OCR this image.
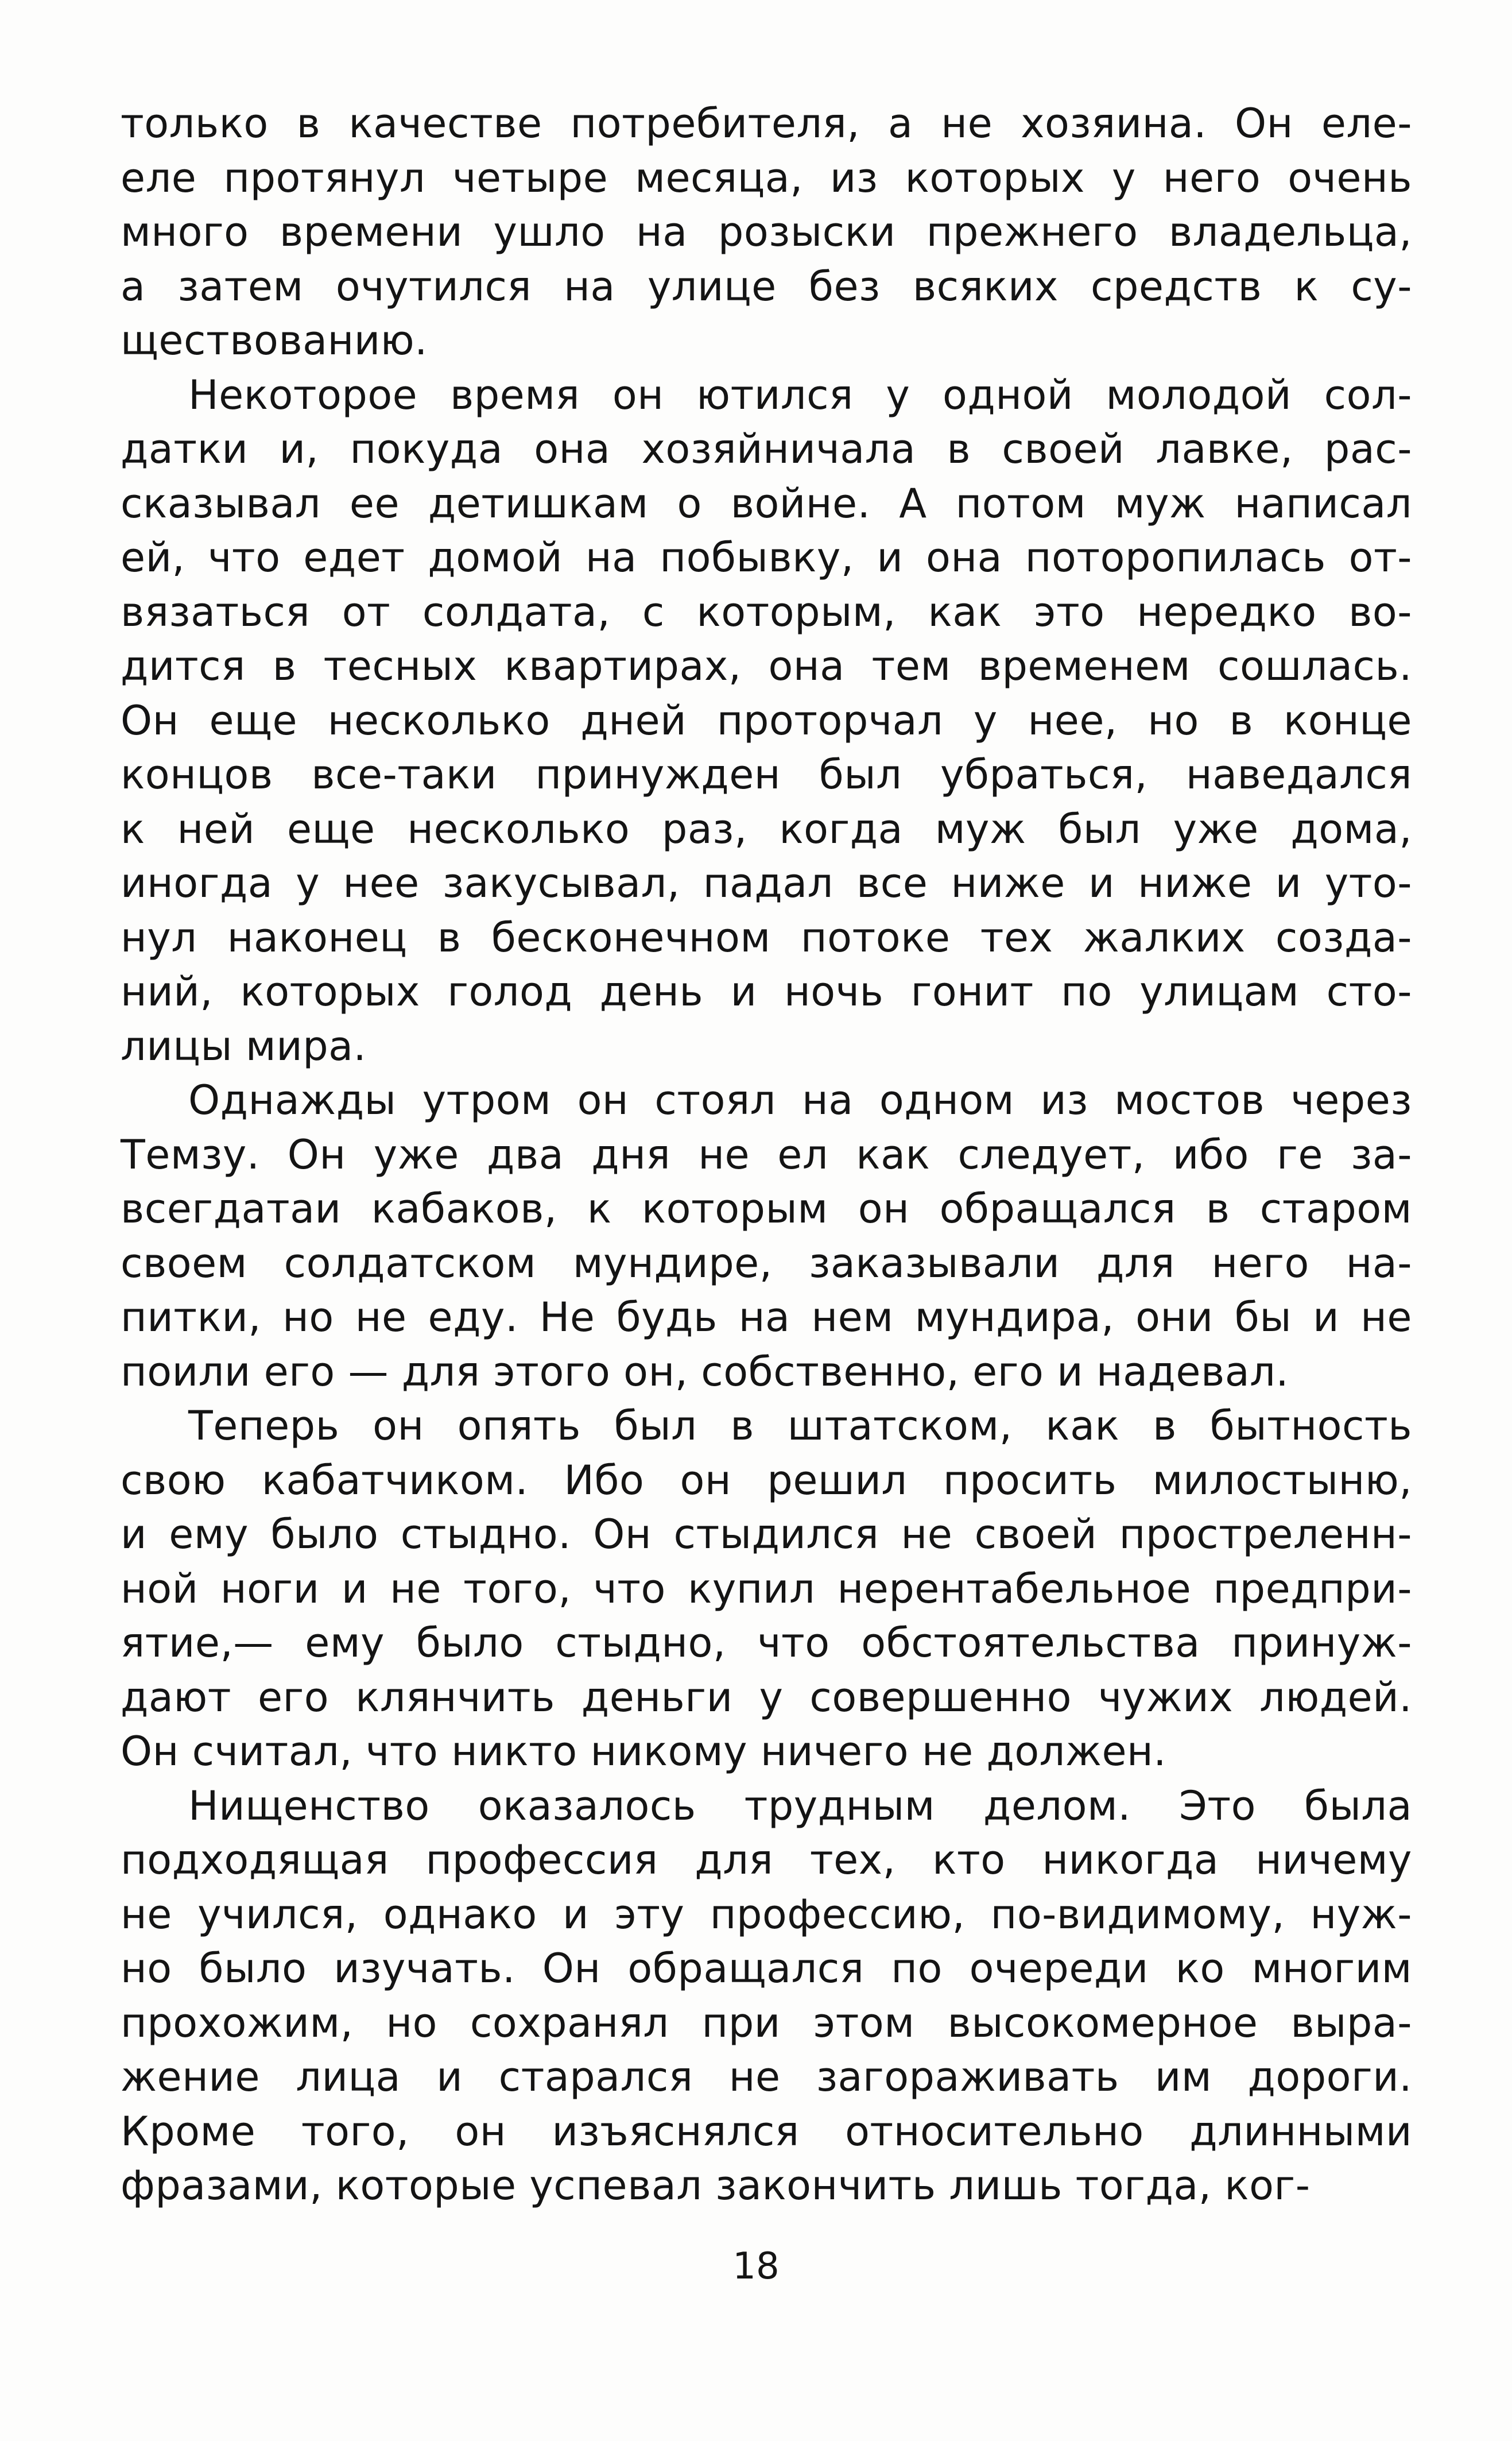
только в качестве потребителя, а не хозяина. Он еле-
еле протянул четыре месяца, из которых у него очень
много времени ушло на розыски прежнего владельца,
а затем очутился на улице без всяких средств к су-
ществованию.
Некоторое время он ютился у одной молодой сол-
датки и, покуда она хозяйничала в своей лавке, рас-
сказывал ее детишкам о войне. А потом муж написал
ей, что едет домой на побывку, и она поторопилась от-
вязаться от солдата, с которым, как это нередко во-
дится в тесных квартирах, она тем временем сошлась.
Он еще несколько дней проторчал у нее, но в конце
концов все-таки принужден был убраться, наведался
к ней еще несколько раз, когда муж был уже дома,
иногда у нее закусывал, падал все ниже и ниже и уто-
нул наконец в бесконечном потоке тех жалких созда-
ний, которых голод день и ночь гонит по улицам сто-
лицы мира.
Однажды утром он стоял на одном из мостов через
Темзу. Он уже два дня не ел как следует, ибо ге за-
всегдатаи кабаков, к которым он обращался в старом
своем солдатском мундире, заказывали для него на-
питки, но не еду. Не будь на нем мундира, они бы и не
поили его — для этого он, собственно, его и надевал.
Теперь он опять был в штатском, как в бытность
свою кабатчиком. Ибо он решил просить милостыню,
и ему было стыдно. Он стыдился не своей простреленн-
ной ноги и не того, что купил нерентабельное предпри-
ятие,— ему было стыдно, что обстоятельства принуж-
дают его клянчить деньги у совершенно чужих людей.
Он считал, что никто никому ничего не должен.
Нищенство оказалось трудным делом. Это была
подходящая профессия для тех, кто никогда ничему
не учился, однако и эту профессию, по-видимому, нуж-
но было изучать. Он обращался по очереди ко многим
прохожим, но сохранял при этом высокомерное выра-
жение лица и старался не загораживать им дороги.
Кроме того, он изъяснялся относительно длинными
фразами, которые успевал закончить лишь тогда, ког-
18
